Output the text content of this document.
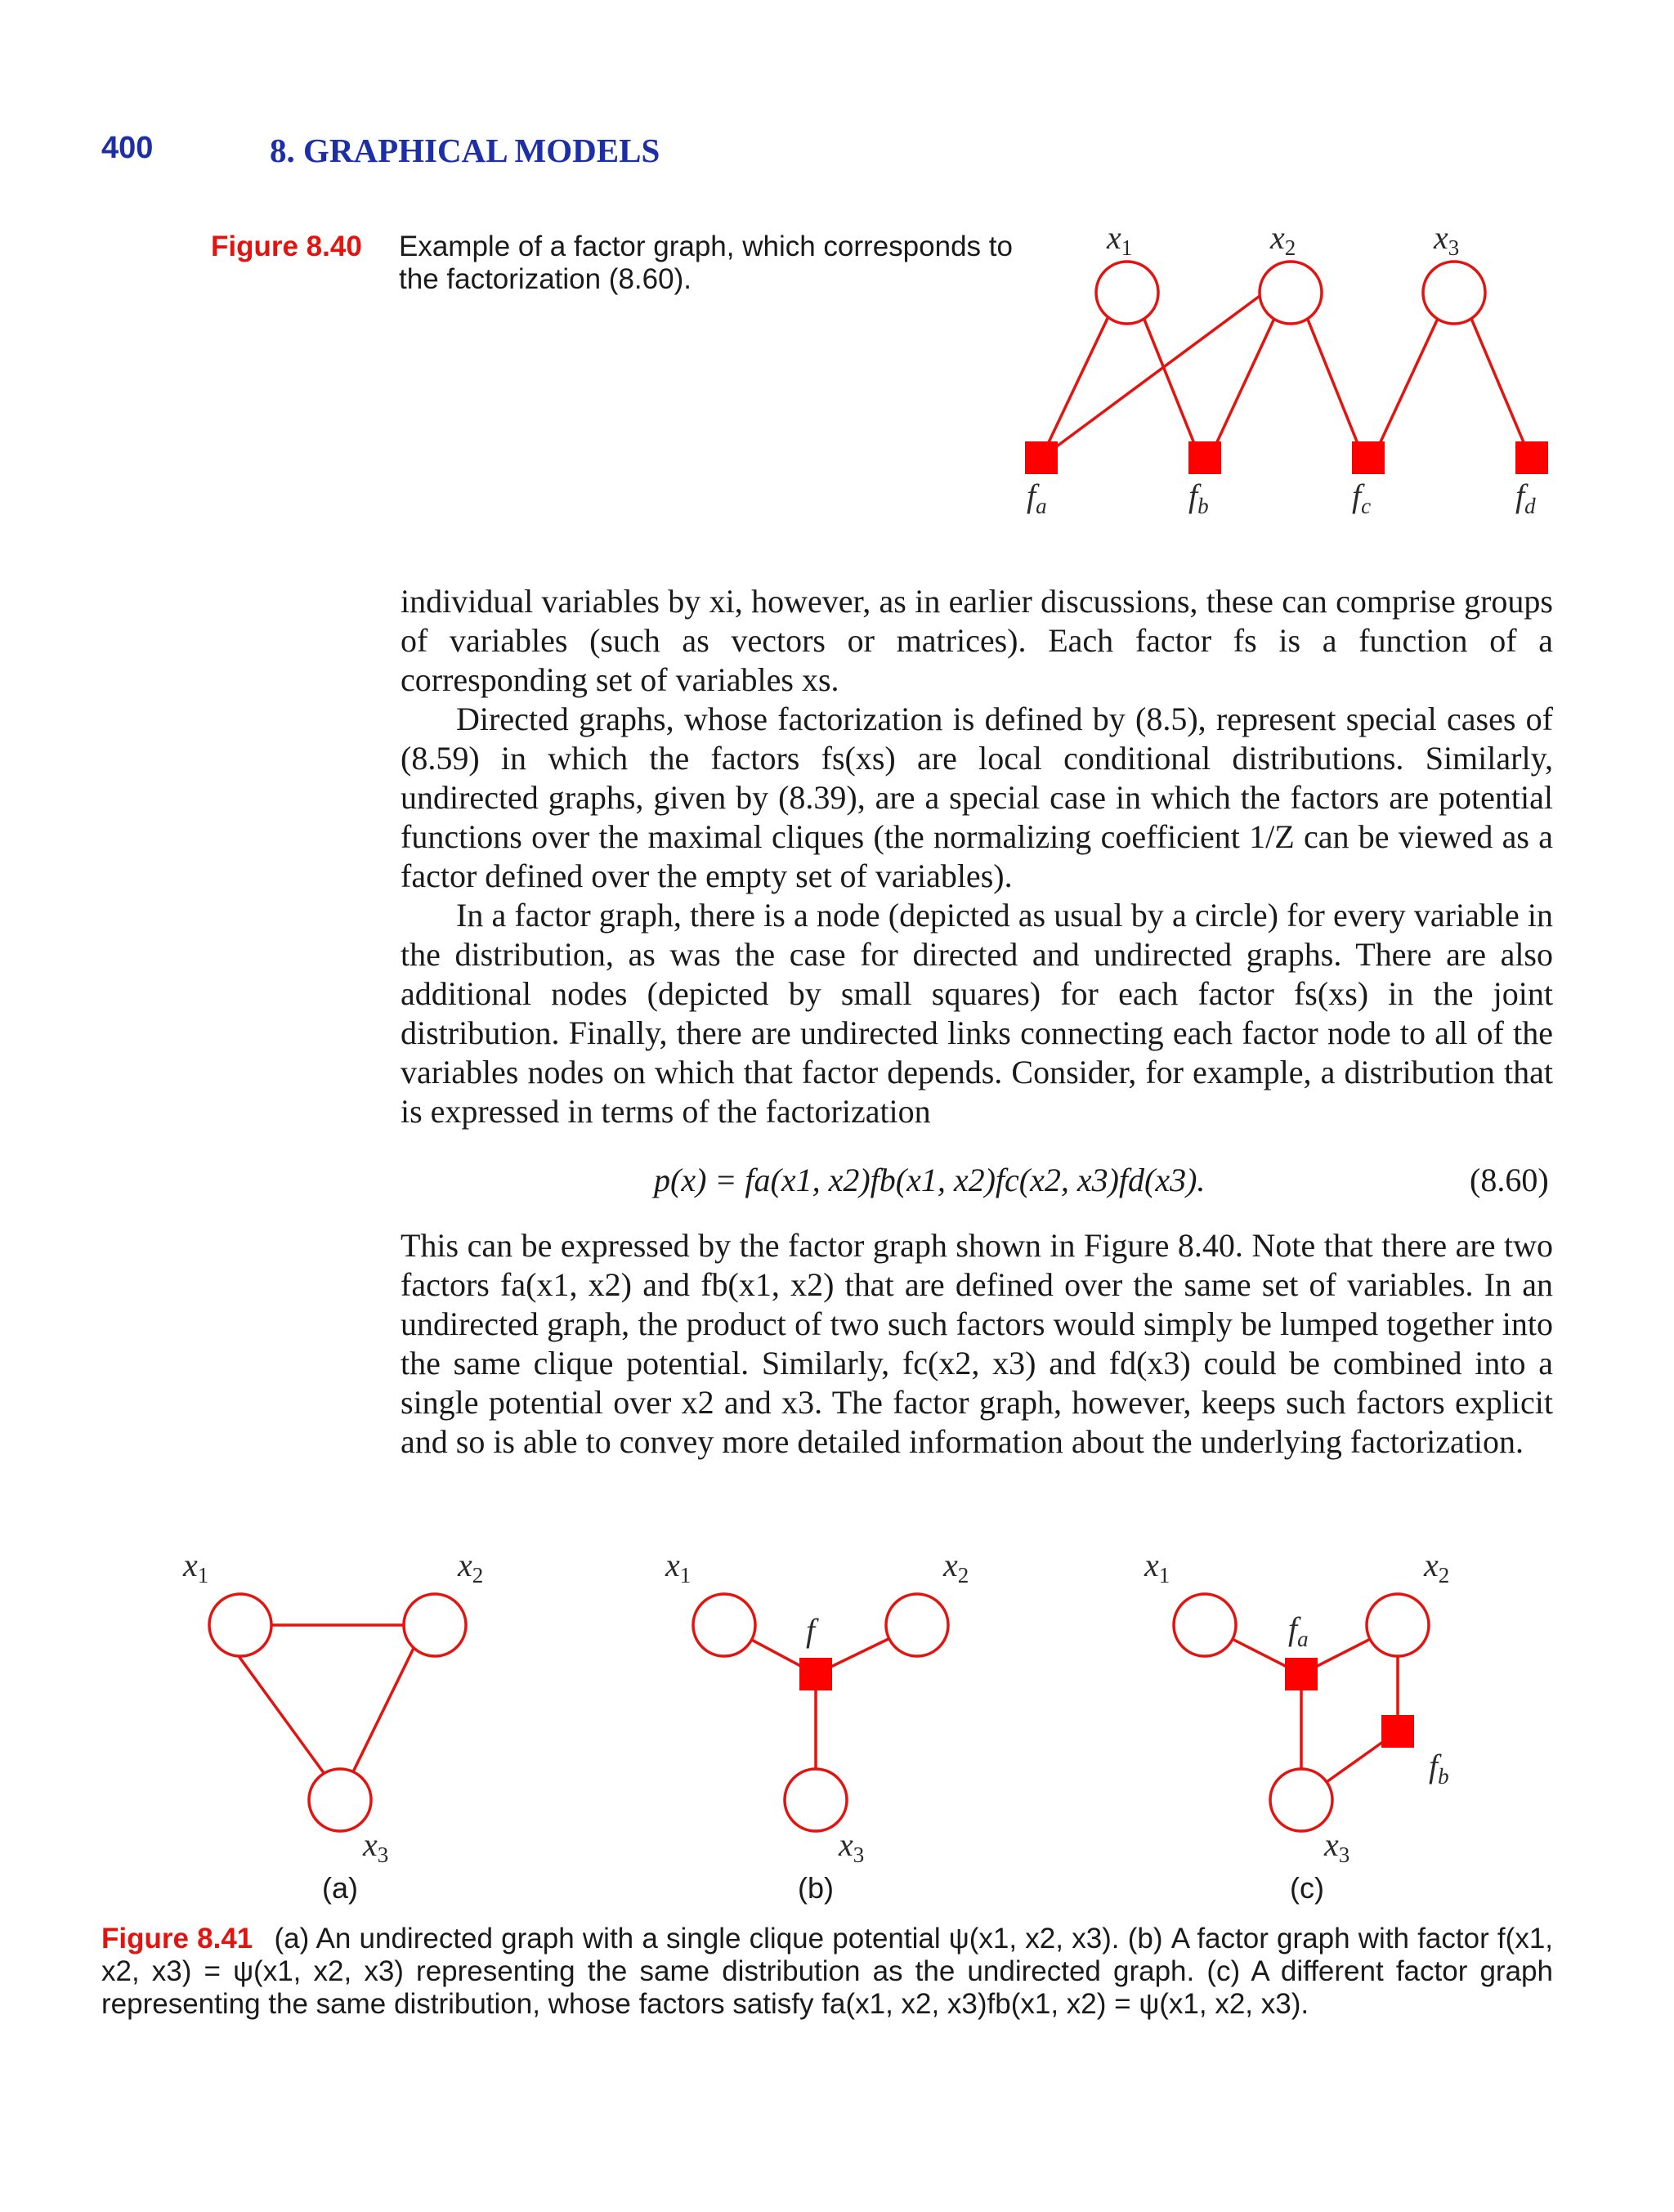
400	8. GRAPHICAL MODELS
Figure 8.40 Example of a factor graph, which corresponds to the factorization (8.60).
$x_1$	$x_2$	$x_3$
$f_a$	$f_b$	$f_c$	$f_d$

individual variables by xi, however, as in earlier discussions, these can comprise groups of variables (such as vectors or matrices). Each factor fs is a function of a corresponding set of variables xs.

Directed graphs, whose factorization is defined by (8.5), represent special cases of (8.59) in which the factors fs(xs) are local conditional distributions. Similarly, undirected graphs, given by (8.39), are a special case in which the factors are potential functions over the maximal cliques (the normalizing coefficient 1/Z can be viewed as a factor defined over the empty set of variables).

In a factor graph, there is a node (depicted as usual by a circle) for every variable in the distribution, as was the case for directed and undirected graphs. There are also additional nodes (depicted by small squares) for each factor fs(xs) in the joint distribution. Finally, there are undirected links connecting each factor node to all of the variables nodes on which that factor depends. Consider, for example, a distribution that is expressed in terms of the factorization

p(x) = fa(x1, x2)fb(x1, x2)fc(x2, x3)fd(x3).	(8.60)

This can be expressed by the factor graph shown in Figure 8.40. Note that there are two factors fa(x1, x2) and fb(x1, x2) that are defined over the same set of variables. In an undirected graph, the product of two such factors would simply be lumped together into the same clique potential. Similarly, fc(x2, x3) and fd(x3) could be combined into a single potential over x2 and x3. The factor graph, however, keeps such factors explicit and so is able to convey more detailed information about the underlying factorization.

$x_1$	$x_2$
$x_3$
(a)
$x_1$	$x_2$
f
$x_3$
(b)
$x_1$	$x_2$
$f_a$
$f_b$
$x_3$
(c)
Figure 8.41 (a) An undirected graph with a single clique potential ψ(x1, x2, x3). (b) A factor graph with factor f(x1, x2, x3) = ψ(x1, x2, x3) representing the same distribution as the undirected graph. (c) A different factor graph representing the same distribution, whose factors satisfy fa(x1, x2, x3)fb(x1, x2) = ψ(x1, x2, x3).
